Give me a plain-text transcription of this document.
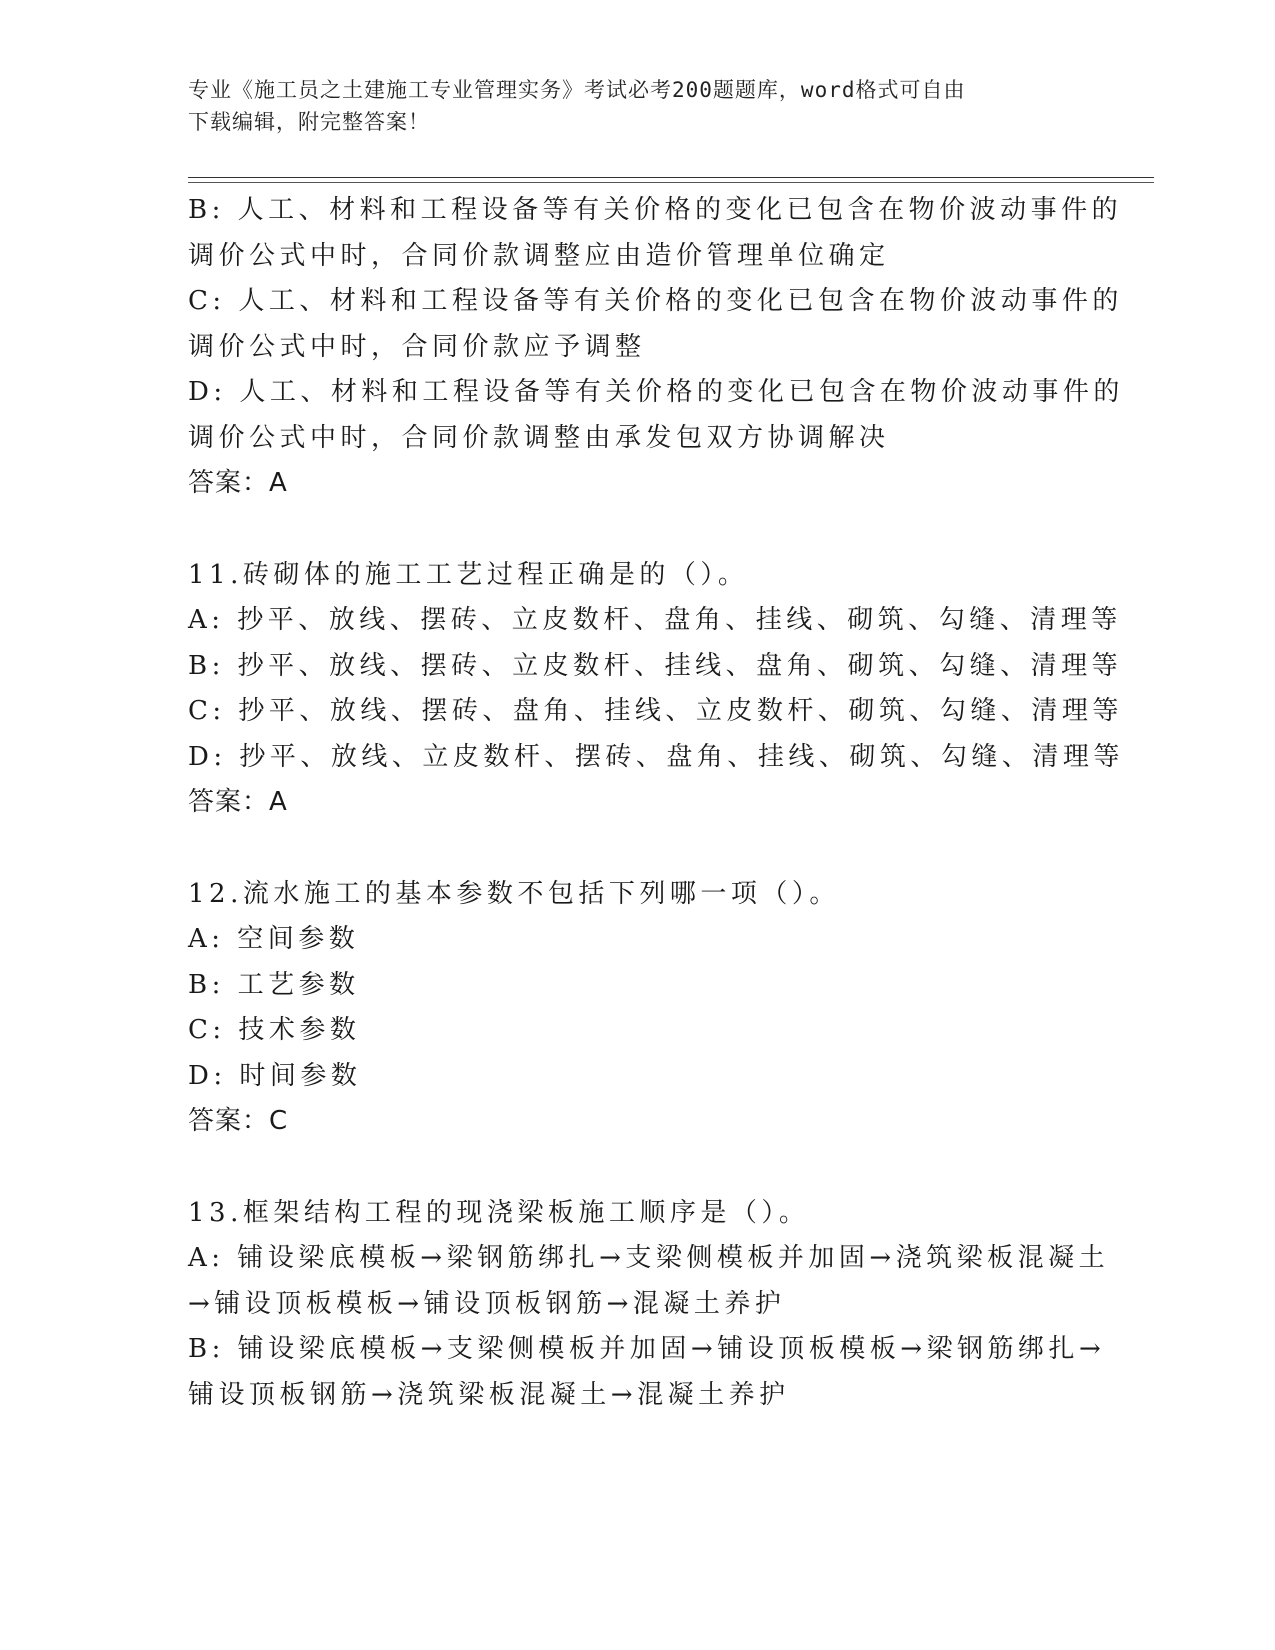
专业《施工员之土建施工专业管理实务》考试必考200题题库，word格式可自由
下载编辑，附完整答案！

B: 人工、材料和工程设备等有关价格的变化已包含在物价波动事件的

调价公式中时，合同价款调整应由造价管理单位确定

C: 人工、材料和工程设备等有关价格的变化已包含在物价波动事件的

调价公式中时，合同价款应予调整

D: 人工、材料和工程设备等有关价格的变化已包含在物价波动事件的

调价公式中时，合同价款调整由承发包双方协调解决

答案：A

11.砖砌体的施工工艺过程正确是的（）。

A: 抄平、放线、摆砖、立皮数杆、盘角、挂线、砌筑、勾缝、清理等

B: 抄平、放线、摆砖、立皮数杆、挂线、盘角、砌筑、勾缝、清理等

C: 抄平、放线、摆砖、盘角、挂线、立皮数杆、砌筑、勾缝、清理等

D: 抄平、放线、立皮数杆、摆砖、盘角、挂线、砌筑、勾缝、清理等

答案：A

12.流水施工的基本参数不包括下列哪一项（）。

A: 空间参数

B: 工艺参数

C: 技术参数

D: 时间参数

答案：C

13.框架结构工程的现浇梁板施工顺序是（）。

A: 铺设梁底模板→梁钢筋绑扎→支梁侧模板并加固→浇筑梁板混凝土

→铺设顶板模板→铺设顶板钢筋→混凝土养护

B: 铺设梁底模板→支梁侧模板并加固→铺设顶板模板→梁钢筋绑扎→

铺设顶板钢筋→浇筑梁板混凝土→混凝土养护
